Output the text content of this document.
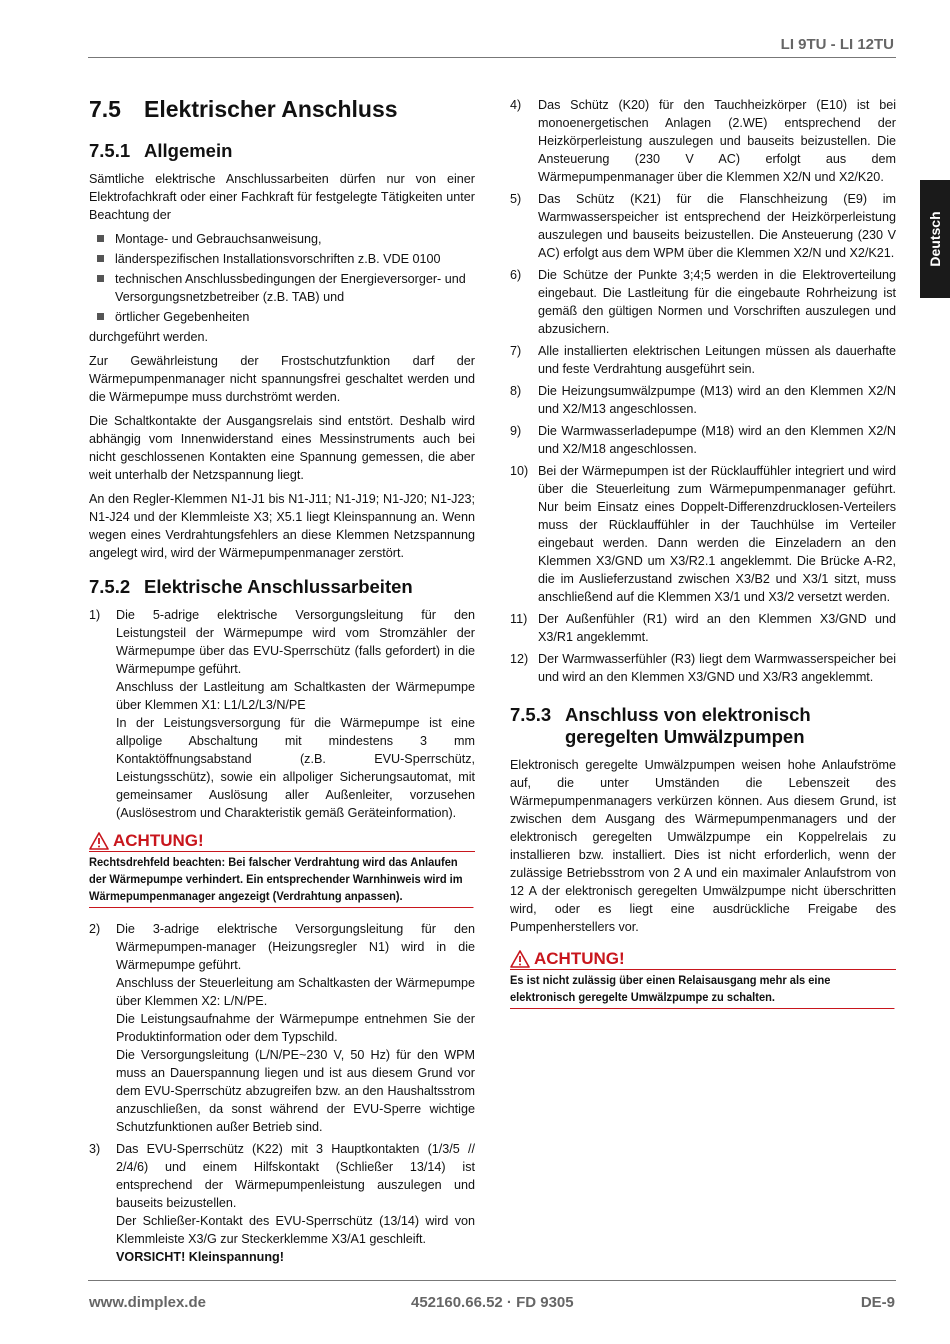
LI 9TU - LI 12TU
Deutsch
7.5 Elektrischer Anschluss
7.5.1 Allgemein

Sämtliche elektrische Anschlussarbeiten dürfen nur von einer Elektrofachkraft oder einer Fachkraft für festgelegte Tätigkeiten unter Beachtung der

Montage- und Gebrauchsanweisung,
länderspezifischen Installationsvorschriften z.B. VDE 0100
technischen Anschlussbedingungen der Energieversorger- und Versorgungsnetzbetreiber (z.B. TAB) und
örtlicher Gegebenheiten

durchgeführt werden.

Zur Gewährleistung der Frostschutzfunktion darf der Wärmepumpenmanager nicht spannungsfrei geschaltet werden und die Wärmepumpe muss durchströmt werden.

Die Schaltkontakte der Ausgangsrelais sind entstört. Deshalb wird abhängig vom Innenwiderstand eines Messinstruments auch bei nicht geschlossenen Kontakten eine Spannung gemessen, die aber weit unterhalb der Netzspannung liegt.

An den Regler-Klemmen N1-J1 bis N1-J11; N1-J19; N1-J20; N1-J23; N1-J24 und der Klemmleiste X3; X5.1 liegt Kleinspannung an. Wenn wegen eines Verdrahtungsfehlers an diese Klemmen Netzspannung angelegt wird, wird der Wärmepumpenmanager zerstört.

7.5.2 Elektrische Anschlussarbeiten
1) Die 5-adrige elektrische Versorgungsleitung für den Leistungsteil der Wärmepumpe wird vom Stromzähler der Wärmepumpe über das EVU-Sperrschütz (falls gefordert) in die Wärmepumpe geführt.
Anschluss der Lastleitung am Schaltkasten der Wärmepumpe über Klemmen X1: L1/L2/L3/N/PE
In der Leistungsversorgung für die Wärmepumpe ist eine allpolige Abschaltung mit mindestens 3 mm Kontaktöffnungsabstand (z.B. EVU-Sperrschütz, Leistungsschütz), sowie ein allpoliger Sicherungsautomat, mit gemeinsamer Auslösung aller Außenleiter, vorzusehen (Auslösestrom und Charakteristik gemäß Geräteinformation).
ACHTUNG!
Rechtsdrehfeld beachten: Bei falscher Verdrahtung wird das Anlaufen der Wärmepumpe verhindert. Ein entsprechender Warnhinweis wird im Wärmepumpenmanager angezeigt (Verdrahtung anpassen).
2) Die 3-adrige elektrische Versorgungsleitung für den Wärmepumpen-manager (Heizungsregler N1) wird in die Wärmepumpe geführt.
Anschluss der Steuerleitung am Schaltkasten der Wärmepumpe über Klemmen X2: L/N/PE.
Die Leistungsaufnahme der Wärmepumpe entnehmen Sie der Produktinformation oder dem Typschild.
Die Versorgungsleitung (L/N/PE~230 V, 50 Hz) für den WPM muss an Dauerspannung liegen und ist aus diesem Grund vor dem EVU-Sperrschütz abzugreifen bzw. an den Haushaltsstrom anzuschließen, da sonst während der EVU-Sperre wichtige Schutzfunktionen außer Betrieb sind.
3) Das EVU-Sperrschütz (K22) mit 3 Hauptkontakten (1/3/5 // 2/4/6) und einem Hilfskontakt (Schließer 13/14) ist entsprechend der Wärmepumpenleistung auszulegen und bauseits beizustellen.
Der Schließer-Kontakt des EVU-Sperrschütz (13/14) wird von Klemmleiste X3/G zur Steckerklemme X3/A1 geschleift.
VORSICHT! Kleinspannung!
4) Das Schütz (K20) für den Tauchheizkörper (E10) ist bei monoenergetischen Anlagen (2.WE) entsprechend der Heizkörperleistung auszulegen und bauseits beizustellen. Die Ansteuerung (230 V AC) erfolgt aus dem Wärmepumpenmanager über die Klemmen X2/N und X2/K20.
5) Das Schütz (K21) für die Flanschheizung (E9) im Warmwasserspeicher ist entsprechend der Heizkörperleistung auszulegen und bauseits beizustellen. Die Ansteuerung (230 V AC) erfolgt aus dem WPM über die Klemmen X2/N und X2/K21.
6) Die Schütze der Punkte 3;4;5 werden in die Elektroverteilung eingebaut. Die Lastleitung für die eingebaute Rohrheizung ist gemäß den gültigen Normen und Vorschriften auszulegen und abzusichern.
7) Alle installierten elektrischen Leitungen müssen als dauerhafte und feste Verdrahtung ausgeführt sein.
8) Die Heizungsumwälzpumpe (M13) wird an den Klemmen X2/N und X2/M13 angeschlossen.
9) Die Warmwasserladepumpe (M18) wird an den Klemmen X2/N und X2/M18 angeschlossen.
10) Bei der Wärmepumpen ist der Rücklauffühler integriert und wird über die Steuerleitung zum Wärmepumpenmanager geführt. Nur beim Einsatz eines Doppelt-Differenzdrucklosen-Verteilers muss der Rücklauffühler in der Tauchhülse im Verteiler eingebaut werden. Dann werden die Einzeladern an den Klemmen X3/GND um X3/R2.1 angeklemmt. Die Brücke A-R2, die im Auslieferzustand zwischen X3/B2 und X3/1 sitzt, muss anschließend auf die Klemmen X3/1 und X3/2 versetzt werden.
11) Der Außenfühler (R1) wird an den Klemmen X3/GND und X3/R1 angeklemmt.
12) Der Warmwasserfühler (R3) liegt dem Warmwasserspeicher bei und wird an den Klemmen X3/GND und X3/R3 angeklemmt.
7.5.3 Anschluss von elektronisch
geregelten Umwälzpumpen

Elektronisch geregelte Umwälzpumpen weisen hohe Anlaufströme auf, die unter Umständen die Lebenszeit des Wärmepumpenmanagers verkürzen können. Aus diesem Grund, ist zwischen dem Ausgang des Wärmepumpenmanagers und der elektronisch geregelten Umwälzpumpe ein Koppelrelais zu installieren bzw. installiert. Dies ist nicht erforderlich, wenn der zulässige Betriebsstrom von 2 A und ein maximaler Anlaufstrom von 12 A der elektronisch geregelten Umwälzpumpe nicht überschritten wird, oder es liegt eine ausdrückliche Freigabe des Pumpenherstellers vor.

ACHTUNG!
Es ist nicht zulässig über einen Relaisausgang mehr als eine elektronisch geregelte Umwälzpumpe zu schalten.
www.dimplex.de	452160.66.52 · FD 9305	DE-9
